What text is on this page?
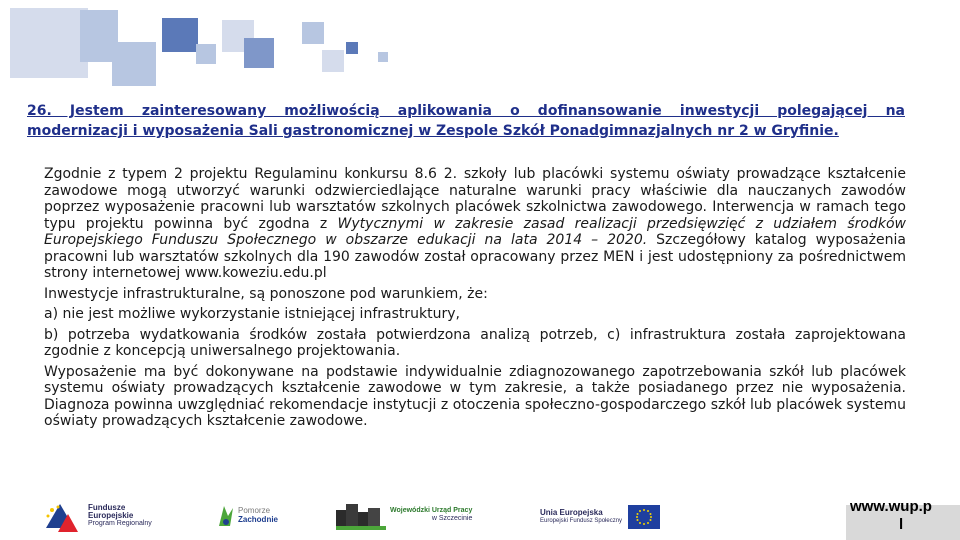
26. Jestem zainteresowany możliwością aplikowania o dofinansowanie inwestycji polegającej na
modernizacji i wyposażenia Sali gastronomicznej w Zespole Szkół Ponadgimnazjalnych nr 2 w Gryfinie.

Zgodnie z typem 2 projektu Regulaminu konkursu 8.6 2. szkoły lub placówki systemu oświaty prowadzące kształcenie zawodowe mogą utworzyć warunki odzwierciedlające naturalne warunki pracy właściwie dla nauczanych zawodów poprzez wyposażenie pracowni lub warsztatów szkolnych placówek szkolnictwa zawodowego. Interwencja w ramach tego typu projektu powinna być zgodna z Wytycznymi w zakresie zasad realizacji przedsięwzięć z udziałem środków Europejskiego Funduszu Społecznego w obszarze edukacji na lata 2014 – 2020. Szczegółowy katalog wyposażenia pracowni lub warsztatów szkolnych dla 190 zawodów został opracowany przez MEN i jest udostępniony za pośrednictwem strony internetowej www.koweziu.edu.pl

Inwestycje infrastrukturalne, są ponoszone pod warunkiem, że:

a) nie jest możliwe wykorzystanie istniejącej infrastruktury,

b) potrzeba wydatkowania środków została potwierdzona analizą potrzeb, c) infrastruktura została zaprojektowana zgodnie z koncepcją uniwersalnego projektowania.

Wyposażenie ma być dokonywane na podstawie indywidualnie zdiagnozowanego zapotrzebowania szkół lub placówek systemu oświaty prowadzących kształcenie zawodowe w tym zakresie, a także posiadanego przez nie wyposażenia. Diagnoza powinna uwzględniać rekomendacje instytucji z otoczenia społeczno-gospodarczego szkół lub placówek systemu oświaty prowadzących kształcenie zawodowe.

Fundusze
Europejskie
Program Regionalny
Pomorze
Zachodnie
Wojewódzki Urząd Pracy
w Szczecinie
Unia Europejska
Europejski Fundusz Społeczny
www.wup.p
l
